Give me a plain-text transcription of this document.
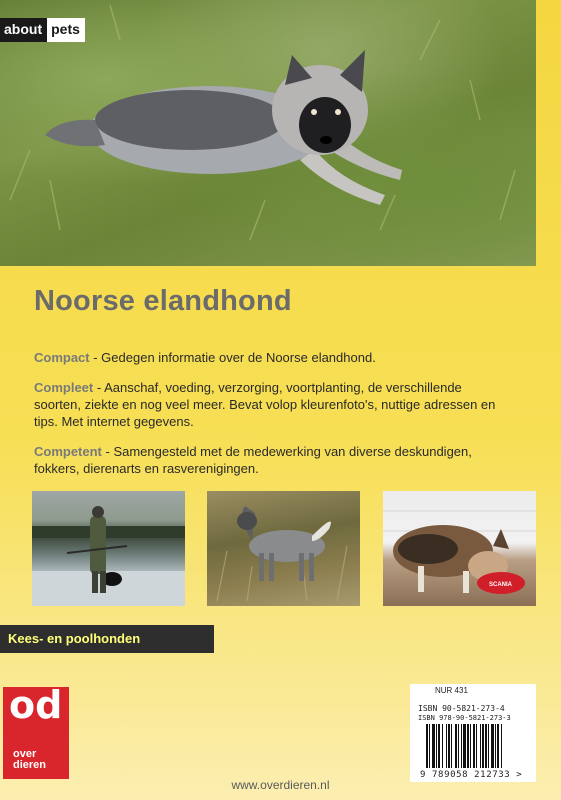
about pets
Noorse elandhond

Compact - Gedegen informatie over de Noorse elandhond.

Compleet - Aanschaf, voeding, verzorging, voortplanting, de verschillende soorten, ziekte en nog veel meer. Bevat volop kleurenfoto's, nuttige adressen en tips. Met internet gegevens.

Competent - Samengesteld met de medewerking van diverse deskundigen, fokkers, dierenarts en rasverenigingen.

SCANIA
Kees- en poolhonden
od
over
dieren
NUR 431
ISBN 90-5821-273-4
ISBN 978-90-5821-273-3
9 789058 212733 >
www.overdieren.nl
